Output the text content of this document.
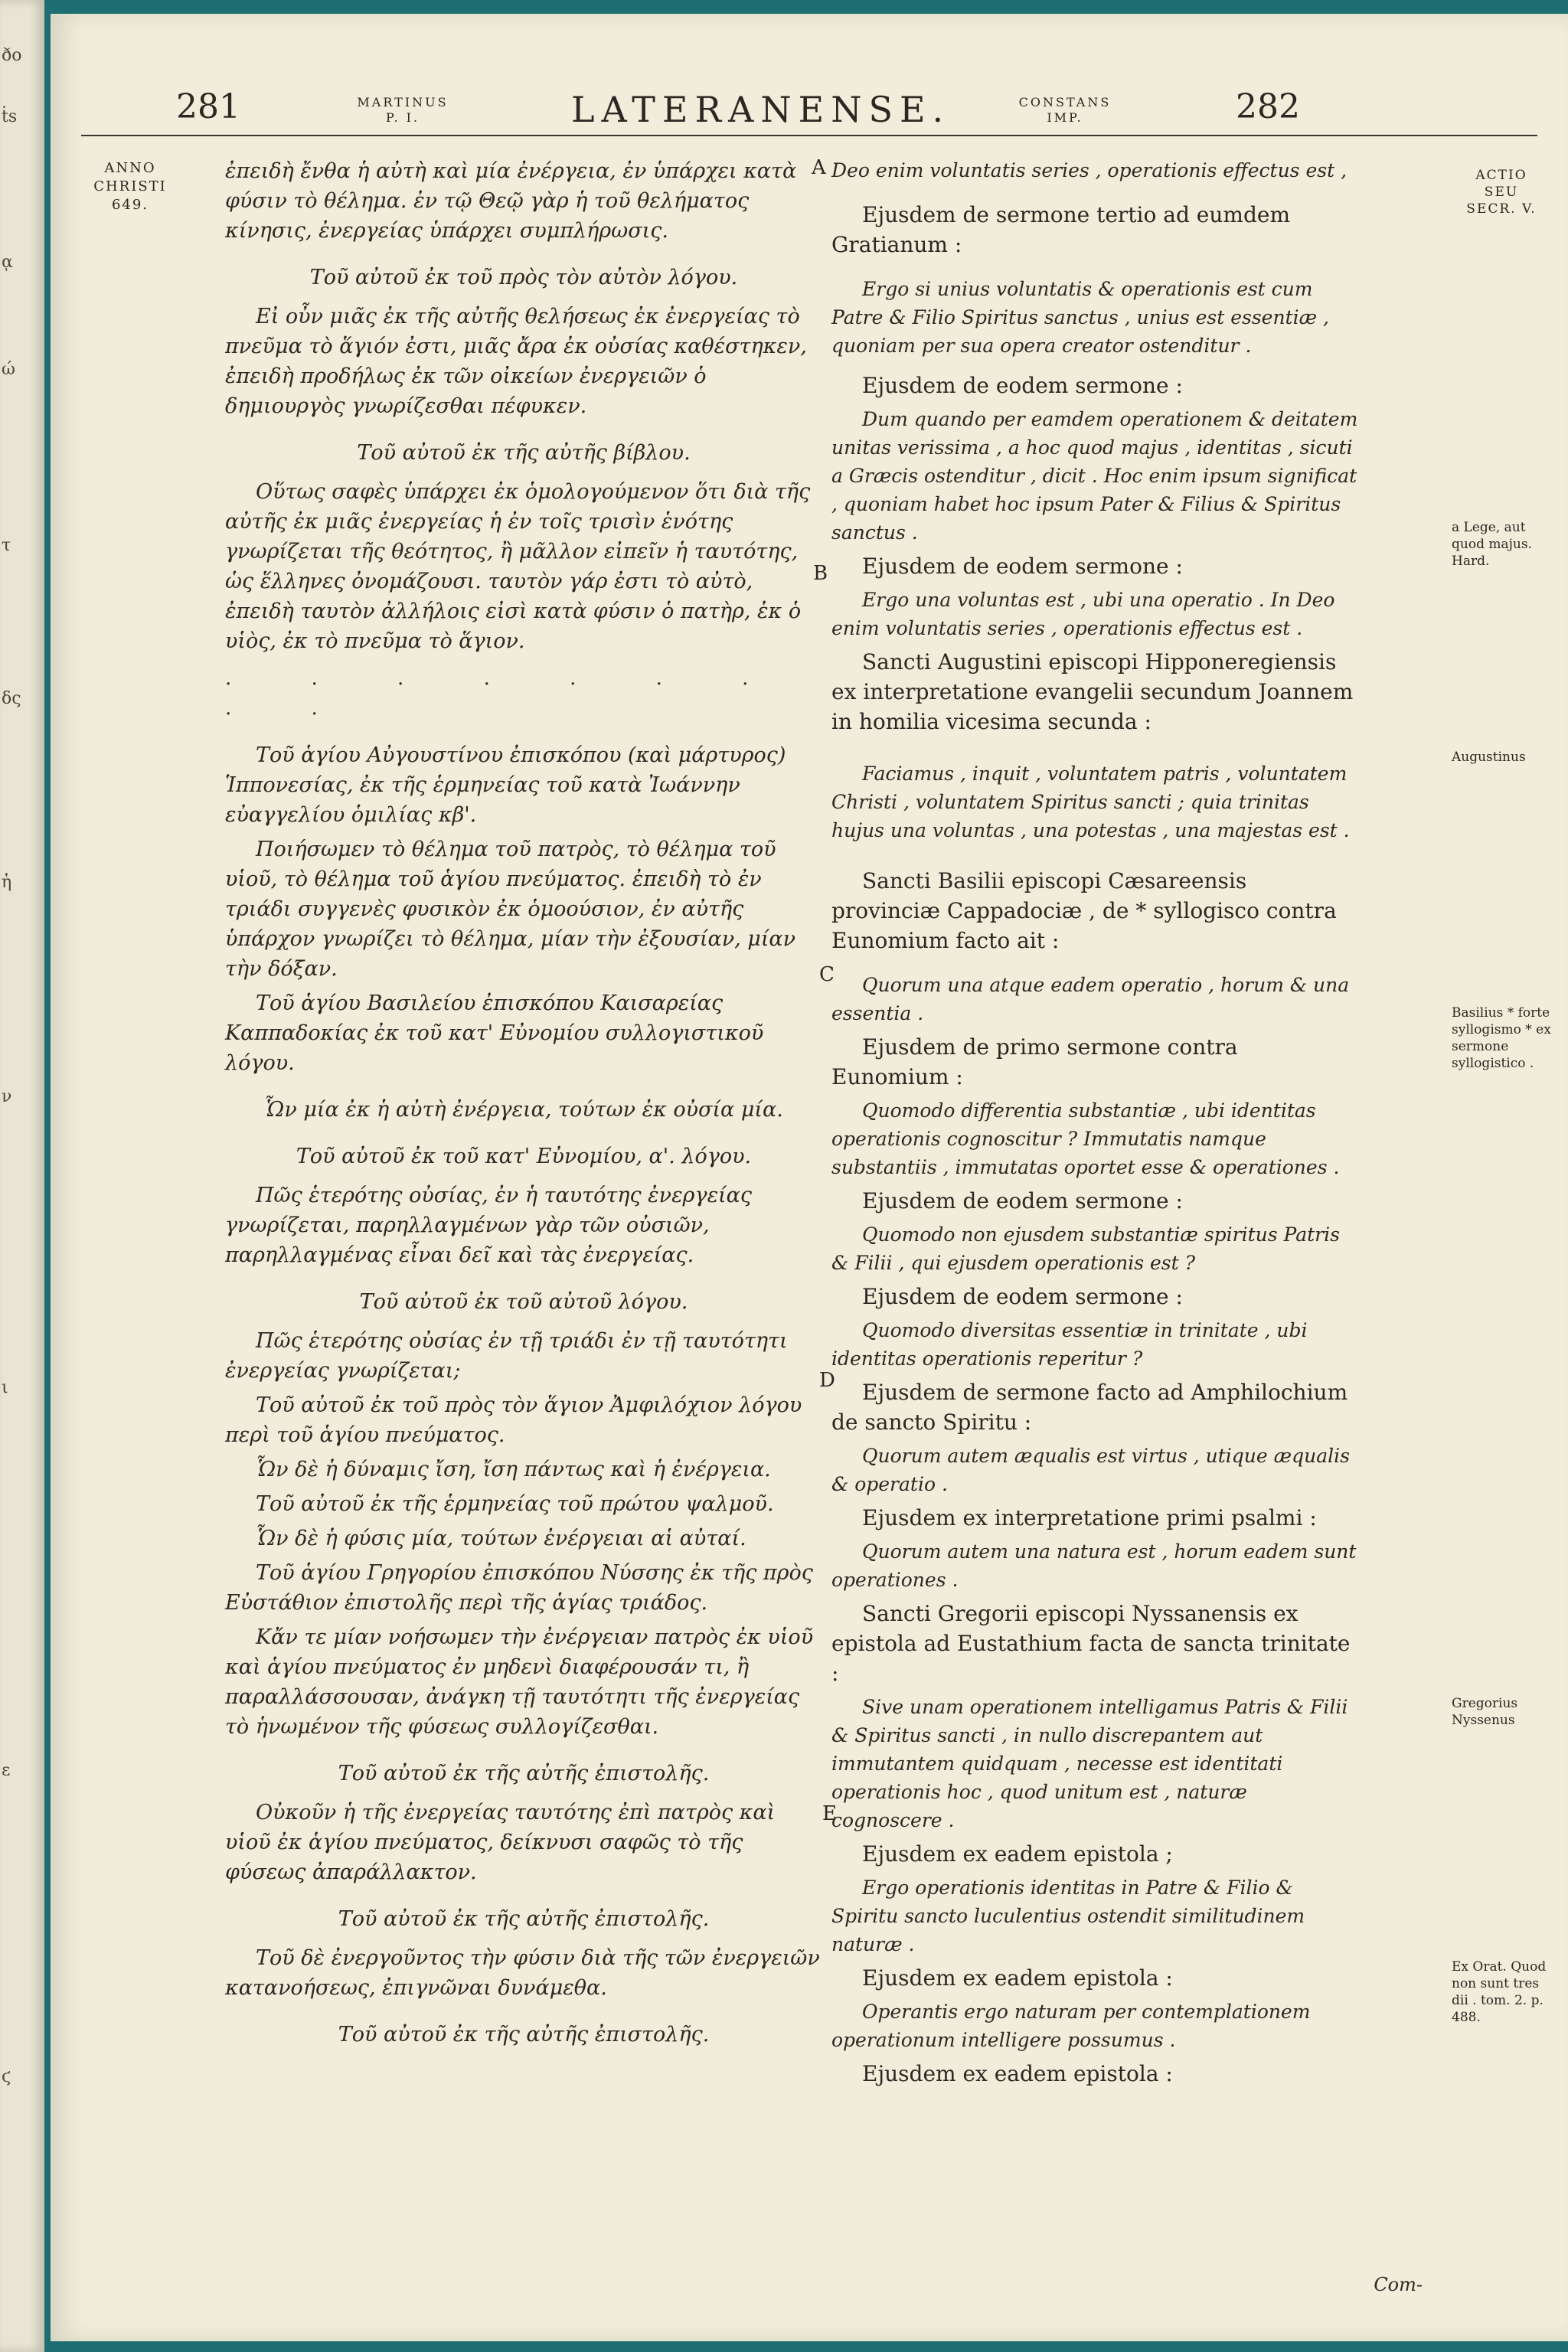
ðo
ṫs
ᾳ
ώ
τ
δς
ἡ
ν
ι
ε
ϛ
281	MARTINUS
P. I.	LATERANENSE.	CONSTANS
IMP.	282
ANNO
CHRISTI
649.
ACTIO
SEU
SECR. V.
a Lege, aut quod majus. Hard.
Augustinus
Basilius * forte syllogismo * ex sermone syllogistico .
Gregorius Nyssenus
Ex Orat. Quod non sunt tres dii . tom. 2. p. 488.
A
B
C
D
E

ἐπειδὴ ἔνθα ἡ αὐτὴ καὶ μία ἐνέργεια, ἐν ὑπάρχει κατὰ φύσιν τὸ θέλημα. ἐν τῷ Θεῷ γὰρ ἡ τοῦ θελήματος κίνησις, ἐνεργείας ὑπάρχει συμπλήρωσις.

Τοῦ αὐτοῦ ἐκ τοῦ πρὸς τὸν αὐτὸν λόγου.

Εἰ οὖν μιᾶς ἐκ τῆς αὐτῆς θελήσεως ἐκ ἐνεργείας τὸ πνεῦμα τὸ ἅγιόν ἐστι, μιᾶς ἄρα ἐκ οὐσίας καθέστηκεν, ἐπειδὴ προδήλως ἐκ τῶν οἰκείων ἐνεργειῶν ὁ δημιουργὸς γνωρίζεσθαι πέφυκεν.

Τοῦ αὐτοῦ ἐκ τῆς αὐτῆς βίβλου.

Οὕτως σαφὲς ὑπάρχει ἐκ ὁμολογούμενον ὅτι διὰ τῆς αὐτῆς ἐκ μιᾶς ἐνεργείας ἡ ἐν τοῖς τρισὶν ἑνότης γνωρίζεται τῆς θεότητος, ἢ μᾶλλον εἰπεῖν ἡ ταυτότης, ὡς ἕλληνες ὀνομάζουσι. ταυτὸν γάρ ἐστι τὸ αὐτὸ, ἐπειδὴ ταυτὸν ἀλλήλοις εἰσὶ κατὰ φύσιν ὁ πατὴρ, ἐκ ὁ υἱὸς, ἐκ τὸ πνεῦμα τὸ ἅγιον.

. . . . . . . . .

Τοῦ ἁγίου Αὐγουστίνου ἐπισκόπου (καὶ μάρτυρος) Ἱππονεσίας, ἐκ τῆς ἑρμηνείας τοῦ κατὰ Ἰωάννην εὐαγγελίου ὁμιλίας κβ'.

Ποιήσωμεν τὸ θέλημα τοῦ πατρὸς, τὸ θέλημα τοῦ υἱοῦ, τὸ θέλημα τοῦ ἁγίου πνεύματος. ἐπειδὴ τὸ ἐν τριάδι συγγενὲς φυσικὸν ἐκ ὁμοούσιον, ἐν αὐτῆς ὑπάρχον γνωρίζει τὸ θέλημα, μίαν τὴν ἐξουσίαν, μίαν τὴν δόξαν.

Τοῦ ἁγίου Βασιλείου ἐπισκόπου Καισαρείας Καππαδοκίας ἐκ τοῦ κατ' Εὐνομίου συλλογιστικοῦ λόγου.

Ὧν μία ἐκ ἡ αὐτὴ ἐνέργεια, τούτων ἐκ οὐσία μία.

Τοῦ αὐτοῦ ἐκ τοῦ κατ' Εὐνομίου, α'. λόγου.

Πῶς ἑτερότης οὐσίας, ἐν ἡ ταυτότης ἐνεργείας γνωρίζεται, παρηλλαγμένων γὰρ τῶν οὐσιῶν, παρηλλαγμένας εἶναι δεῖ καὶ τὰς ἐνεργείας.

Τοῦ αὐτοῦ ἐκ τοῦ αὐτοῦ λόγου.

Πῶς ἑτερότης οὐσίας ἐν τῇ τριάδι ἐν τῇ ταυτότητι ἐνεργείας γνωρίζεται;

Τοῦ αὐτοῦ ἐκ τοῦ πρὸς τὸν ἅγιον Ἀμφιλόχιον λόγου περὶ τοῦ ἁγίου πνεύματος.

Ὧν δὲ ἡ δύναμις ἴση, ἴση πάντως καὶ ἡ ἐνέργεια.

Τοῦ αὐτοῦ ἐκ τῆς ἑρμηνείας τοῦ πρώτου ψαλμοῦ.

Ὧν δὲ ἡ φύσις μία, τούτων ἐνέργειαι αἱ αὐταί.

Τοῦ ἁγίου Γρηγορίου ἐπισκόπου Νύσσης ἐκ τῆς πρὸς Εὐστάθιον ἐπιστολῆς περὶ τῆς ἁγίας τριάδος.

Κἄν τε μίαν νοήσωμεν τὴν ἐνέργειαν πατρὸς ἐκ υἱοῦ καὶ ἁγίου πνεύματος ἐν μηδενὶ διαφέρουσάν τι, ἢ παραλλάσσουσαν, ἀνάγκη τῇ ταυτότητι τῆς ἐνεργείας τὸ ἡνωμένον τῆς φύσεως συλλογίζεσθαι.

Τοῦ αὐτοῦ ἐκ τῆς αὐτῆς ἐπιστολῆς.

Οὐκοῦν ἡ τῆς ἐνεργείας ταυτότης ἐπὶ πατρὸς καὶ υἱοῦ ἐκ ἁγίου πνεύματος, δείκνυσι σαφῶς τὸ τῆς φύσεως ἀπαράλλακτον.

Τοῦ αὐτοῦ ἐκ τῆς αὐτῆς ἐπιστολῆς.

Τοῦ δὲ ἐνεργοῦντος τὴν φύσιν διὰ τῆς τῶν ἐνεργειῶν κατανοήσεως, ἐπιγνῶναι δυνάμεθα.

Τοῦ αὐτοῦ ἐκ τῆς αὐτῆς ἐπιστολῆς.

Deo enim voluntatis series , operationis effectus est ,

Ejusdem de sermone tertio ad eumdem Gratianum :

Ergo si unius voluntatis & operationis est cum Patre & Filio Spiritus sanctus , unius est essentiæ , quoniam per sua opera creator ostenditur .

Ejusdem de eodem sermone :

Dum quando per eamdem operationem & deitatem unitas verissima , a hoc quod majus , identitas , sicuti a Græcis ostenditur , dicit . Hoc enim ipsum significat , quoniam habet hoc ipsum Pater & Filius & Spiritus sanctus .

Ejusdem de eodem sermone :

Ergo una voluntas est , ubi una operatio . In Deo enim voluntatis series , operationis effectus est .

Sancti Augustini episcopi Hipponeregiensis ex interpretatione evangelii secundum Joannem in homilia vicesima secunda :

Faciamus , inquit , voluntatem patris , voluntatem Christi , voluntatem Spiritus sancti ; quia trinitas hujus una voluntas , una potestas , una majestas est .

Sancti Basilii episcopi Cæsareensis provinciæ Cappadociæ , de * syllogisco contra Eunomium facto ait :

Quorum una atque eadem operatio , horum & una essentia .

Ejusdem de primo sermone contra Eunomium :

Quomodo differentia substantiæ , ubi identitas operationis cognoscitur ? Immutatis namque substantiis , immutatas oportet esse & operationes .

Ejusdem de eodem sermone :

Quomodo non ejusdem substantiæ spiritus Patris & Filii , qui ejusdem operationis est ?

Ejusdem de eodem sermone :

Quomodo diversitas essentiæ in trinitate , ubi identitas operationis reperitur ?

Ejusdem de sermone facto ad Amphilochium de sancto Spiritu :

Quorum autem æqualis est virtus , utique æqualis & operatio .

Ejusdem ex interpretatione primi psalmi :

Quorum autem una natura est , horum eadem sunt operationes .

Sancti Gregorii episcopi Nyssanensis ex epistola ad Eustathium facta de sancta trinitate :

Sive unam operationem intelligamus Patris & Filii & Spiritus sancti , in nullo discrepantem aut immutantem quidquam , necesse est identitati operationis hoc , quod unitum est , naturæ cognoscere .

Ejusdem ex eadem epistola ;

Ergo operationis identitas in Patre & Filio & Spiritu sancto luculentius ostendit similitudinem naturæ .

Ejusdem ex eadem epistola :

Operantis ergo naturam per contemplationem operationum intelligere possumus .

Ejusdem ex eadem epistola :

Com-
